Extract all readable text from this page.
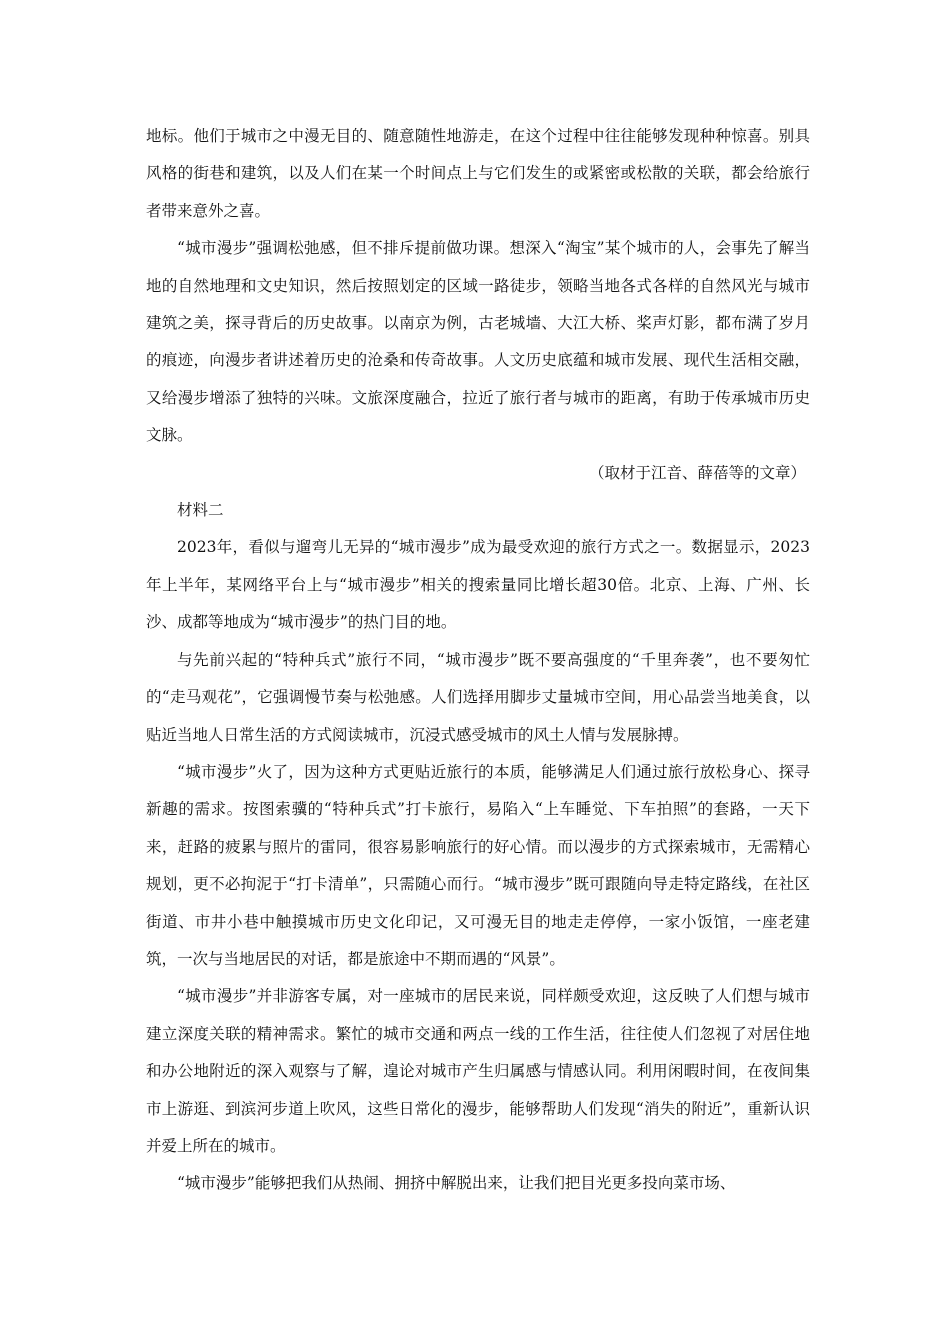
地标。他们于城市之中漫无目的、随意随性地游走，在这个过程中往往能够发现种种惊喜。别具风格的街巷和建筑，以及人们在某一个时间点上与它们发生的或紧密或松散的关联，都会给旅行者带来意外之喜。

“城市漫步”强调松弛感，但不排斥提前做功课。想深入“淘宝”某个城市的人，会事先了解当地的自然地理和文史知识，然后按照划定的区域一路徒步，领略当地各式各样的自然风光与城市建筑之美，探寻背后的历史故事。以南京为例，古老城墙、大江大桥、桨声灯影，都布满了岁月的痕迹，向漫步者讲述着历史的沧桑和传奇故事。人文历史底蕴和城市发展、现代生活相交融，又给漫步增添了独特的兴味。文旅深度融合，拉近了旅行者与城市的距离，有助于传承城市历史文脉。

（取材于江音、薛蓓等的文章）

材料二

2023年，看似与遛弯儿无异的“城市漫步”成为最受欢迎的旅行方式之一。数据显示，2023年上半年，某网络平台上与“城市漫步”相关的搜索量同比增长超30倍。北京、上海、广州、长沙、成都等地成为“城市漫步”的热门目的地。

与先前兴起的“特种兵式”旅行不同，“城市漫步”既不要高强度的“千里奔袭”，也不要匆忙的“走马观花”，它强调慢节奏与松弛感。人们选择用脚步丈量城市空间，用心品尝当地美食，以贴近当地人日常生活的方式阅读城市，沉浸式感受城市的风土人情与发展脉搏。

“城市漫步”火了，因为这种方式更贴近旅行的本质，能够满足人们通过旅行放松身心、探寻新趣的需求。按图索骥的“特种兵式”打卡旅行，易陷入“上车睡觉、下车拍照”的套路，一天下来，赶路的疲累与照片的雷同，很容易影响旅行的好心情。而以漫步的方式探索城市，无需精心规划，更不必拘泥于“打卡清单”，只需随心而行。“城市漫步”既可跟随向导走特定路线，在社区街道、市井小巷中触摸城市历史文化印记，又可漫无目的地走走停停，一家小饭馆，一座老建筑，一次与当地居民的对话，都是旅途中不期而遇的“风景”。

“城市漫步”并非游客专属，对一座城市的居民来说，同样颇受欢迎，这反映了人们想与城市建立深度关联的精神需求。繁忙的城市交通和两点一线的工作生活，往往使人们忽视了对居住地和办公地附近的深入观察与了解，遑论对城市产生归属感与情感认同。利用闲暇时间，在夜间集市上游逛、到滨河步道上吹风，这些日常化的漫步，能够帮助人们发现“消失的附近”，重新认识并爱上所在的城市。

“城市漫步”能够把我们从热闹、拥挤中解脱出来，让我们把目光更多投向菜市场、
